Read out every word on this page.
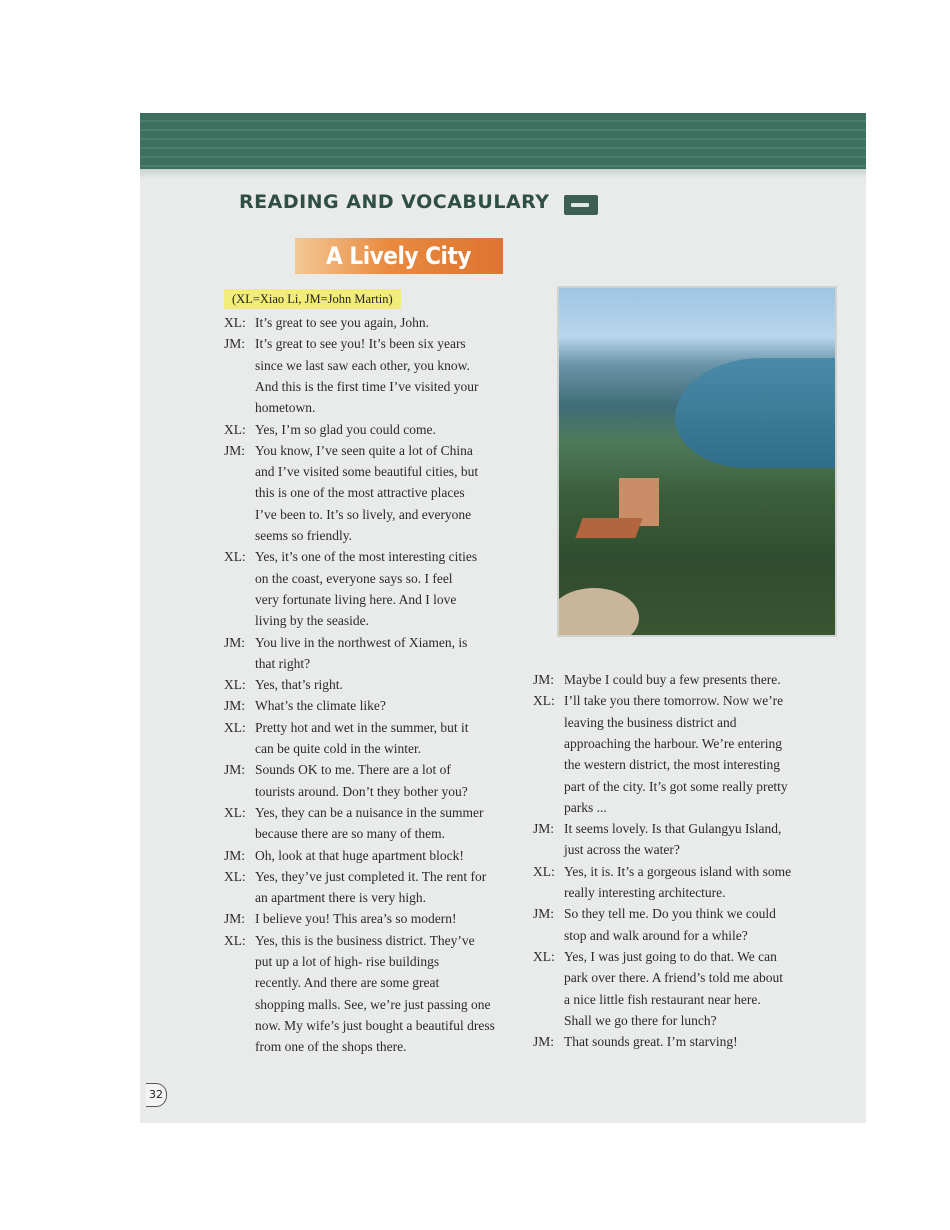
READING AND VOCABULARY
A Lively City
(XL=Xiao Li, JM=John Martin)
XL: It’s great to see you again, John.
JM: It’s great to see you! It’s been six years
since we last saw each other, you know.
And this is the first time I’ve visited your
hometown.
XL: Yes, I’m so glad you could come.
JM: You know, I’ve seen quite a lot of China
and I’ve visited some beautiful cities, but
this is one of the most attractive places
I’ve been to. It’s so lively, and everyone
seems so friendly.
XL: Yes, it’s one of the most interesting cities
on the coast, everyone says so. I feel
very fortunate living here. And I love
living by the seaside.
JM: You live in the northwest of Xiamen, is
that right?
XL: Yes, that’s right.
JM: What’s the climate like?
XL: Pretty hot and wet in the summer, but it
can be quite cold in the winter.
JM: Sounds OK to me. There are a lot of
tourists around. Don’t they bother you?
XL: Yes, they can be a nuisance in the summer
because there are so many of them.
JM: Oh, look at that huge apartment block!
XL: Yes, they’ve just completed it. The rent for
an apartment there is very high.
JM: I believe you! This area’s so modern!
XL: Yes, this is the business district. They’ve
put up a lot of high- rise buildings
recently. And there are some great
shopping malls. See, we’re just passing one
now. My wife’s just bought a beautiful dress
from one of the shops there.
JM: Maybe I could buy a few presents there.
XL: I’ll take you there tomorrow. Now we’re
leaving the business district and
approaching the harbour. We’re entering
the western district, the most interesting
part of the city. It’s got some really pretty
parks ...
JM: It seems lovely. Is that Gulangyu Island,
just across the water?
XL: Yes, it is. It’s a gorgeous island with some
really interesting architecture.
JM: So they tell me. Do you think we could
stop and walk around for a while?
XL: Yes, I was just going to do that. We can
park over there. A friend’s told me about
a nice little fish restaurant near here.
Shall we go there for lunch?
JM: That sounds great. I’m starving!
32
